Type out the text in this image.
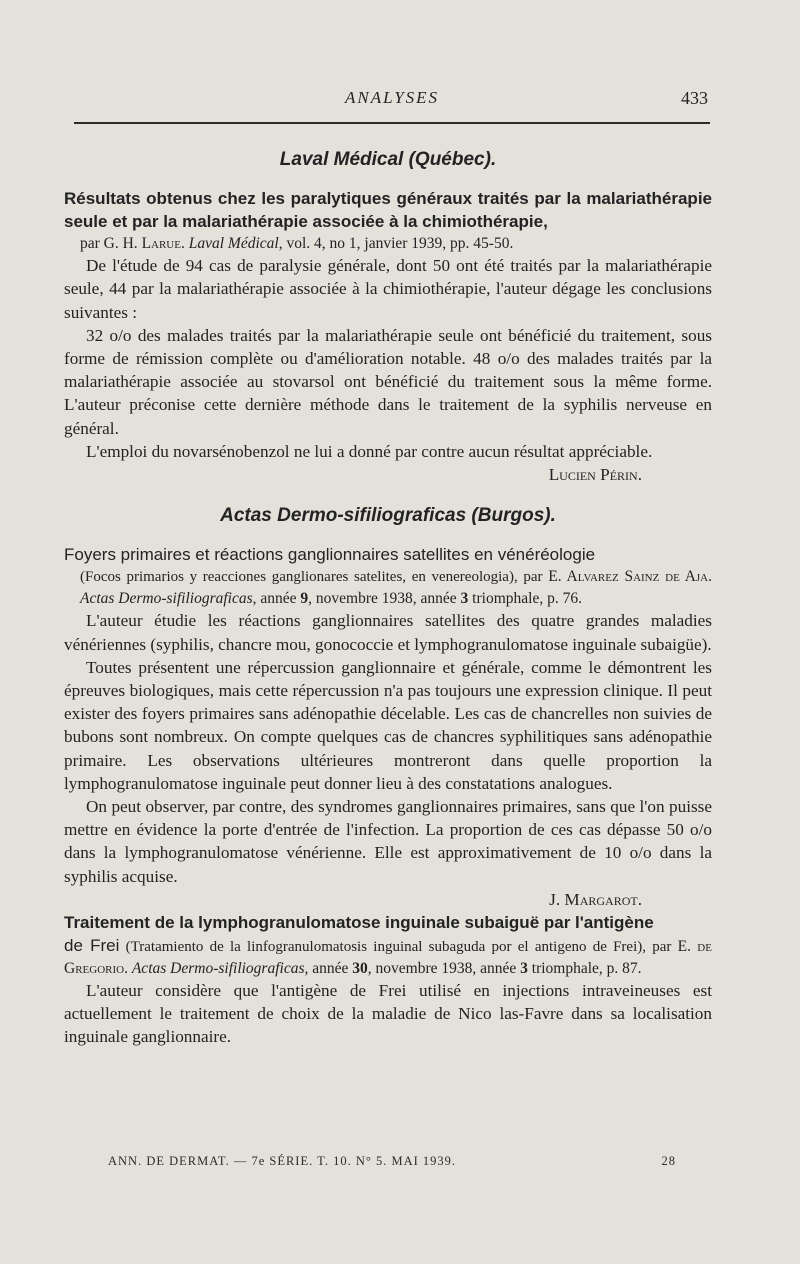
ANALYSES	433
Laval Médical (Québec).

Résultats obtenus chez les paralytiques généraux traités par la malariathérapie seule et par la malariathérapie associée à la chimiothérapie,

par G. H. Larue. Laval Médical, vol. 4, no 1, janvier 1939, pp. 45-50.

De l'étude de 94 cas de paralysie générale, dont 50 ont été traités par la malariathérapie seule, 44 par la malariathérapie associée à la chimiothérapie, l'auteur dégage les conclusions suivantes :

32 o/o des malades traités par la malariathérapie seule ont bénéficié du traitement, sous forme de rémission complète ou d'amélioration notable. 48 o/o des malades traités par la malariathérapie associée au stovarsol ont bénéficié du traitement sous la même forme. L'auteur préconise cette dernière méthode dans le traitement de la syphilis nerveuse en général.

L'emploi du novarsénobenzol ne lui a donné par contre aucun résultat appréciable.

Lucien Périn.

Actas Dermo-sifiliograficas (Burgos).

Foyers primaires et réactions ganglionnaires satellites en vénéréologie

(Focos primarios y reacciones ganglionares satelites, en venereologia), par E. Alvarez Sainz de Aja. Actas Dermo-sifiliograficas, année 9, novembre 1938, année 3 triomphale, p. 76.

L'auteur étudie les réactions ganglionnaires satellites des quatre grandes maladies vénériennes (syphilis, chancre mou, gonococcie et lymphogranulomatose inguinale subaigüe).

Toutes présentent une répercussion ganglionnaire et générale, comme le démontrent les épreuves biologiques, mais cette répercussion n'a pas toujours une expression clinique. Il peut exister des foyers primaires sans adénopathie décelable. Les cas de chancrelles non suivies de bubons sont nombreux. On compte quelques cas de chancres syphilitiques sans adénopathie primaire. Les observations ultérieures montreront dans quelle proportion la lymphogranulomatose inguinale peut donner lieu à des constatations analogues.

On peut observer, par contre, des syndromes ganglionnaires primaires, sans que l'on puisse mettre en évidence la porte d'entrée de l'infection. La proportion de ces cas dépasse 50 o/o dans la lymphogranulomatose vénérienne. Elle est approximativement de 10 o/o dans la syphilis acquise.

J. Margarot.

Traitement de la lymphogranulomatose inguinale subaiguë par l'antigène

de Frei (Tratamiento de la linfogranulomatosis inguinal subaguda por el antigeno de Frei), par E. de Gregorio. Actas Dermo-sifiliograficas, année 30, novembre 1938, année 3 triomphale, p. 87.

L'auteur considère que l'antigène de Frei utilisé en injections intraveineuses est actuellement le traitement de choix de la maladie de Nico las-Favre dans sa localisation inguinale ganglionnaire.

ANN. DE DERMAT. — 7e SÉRIE. T. 10. N° 5. MAI 1939.	28
